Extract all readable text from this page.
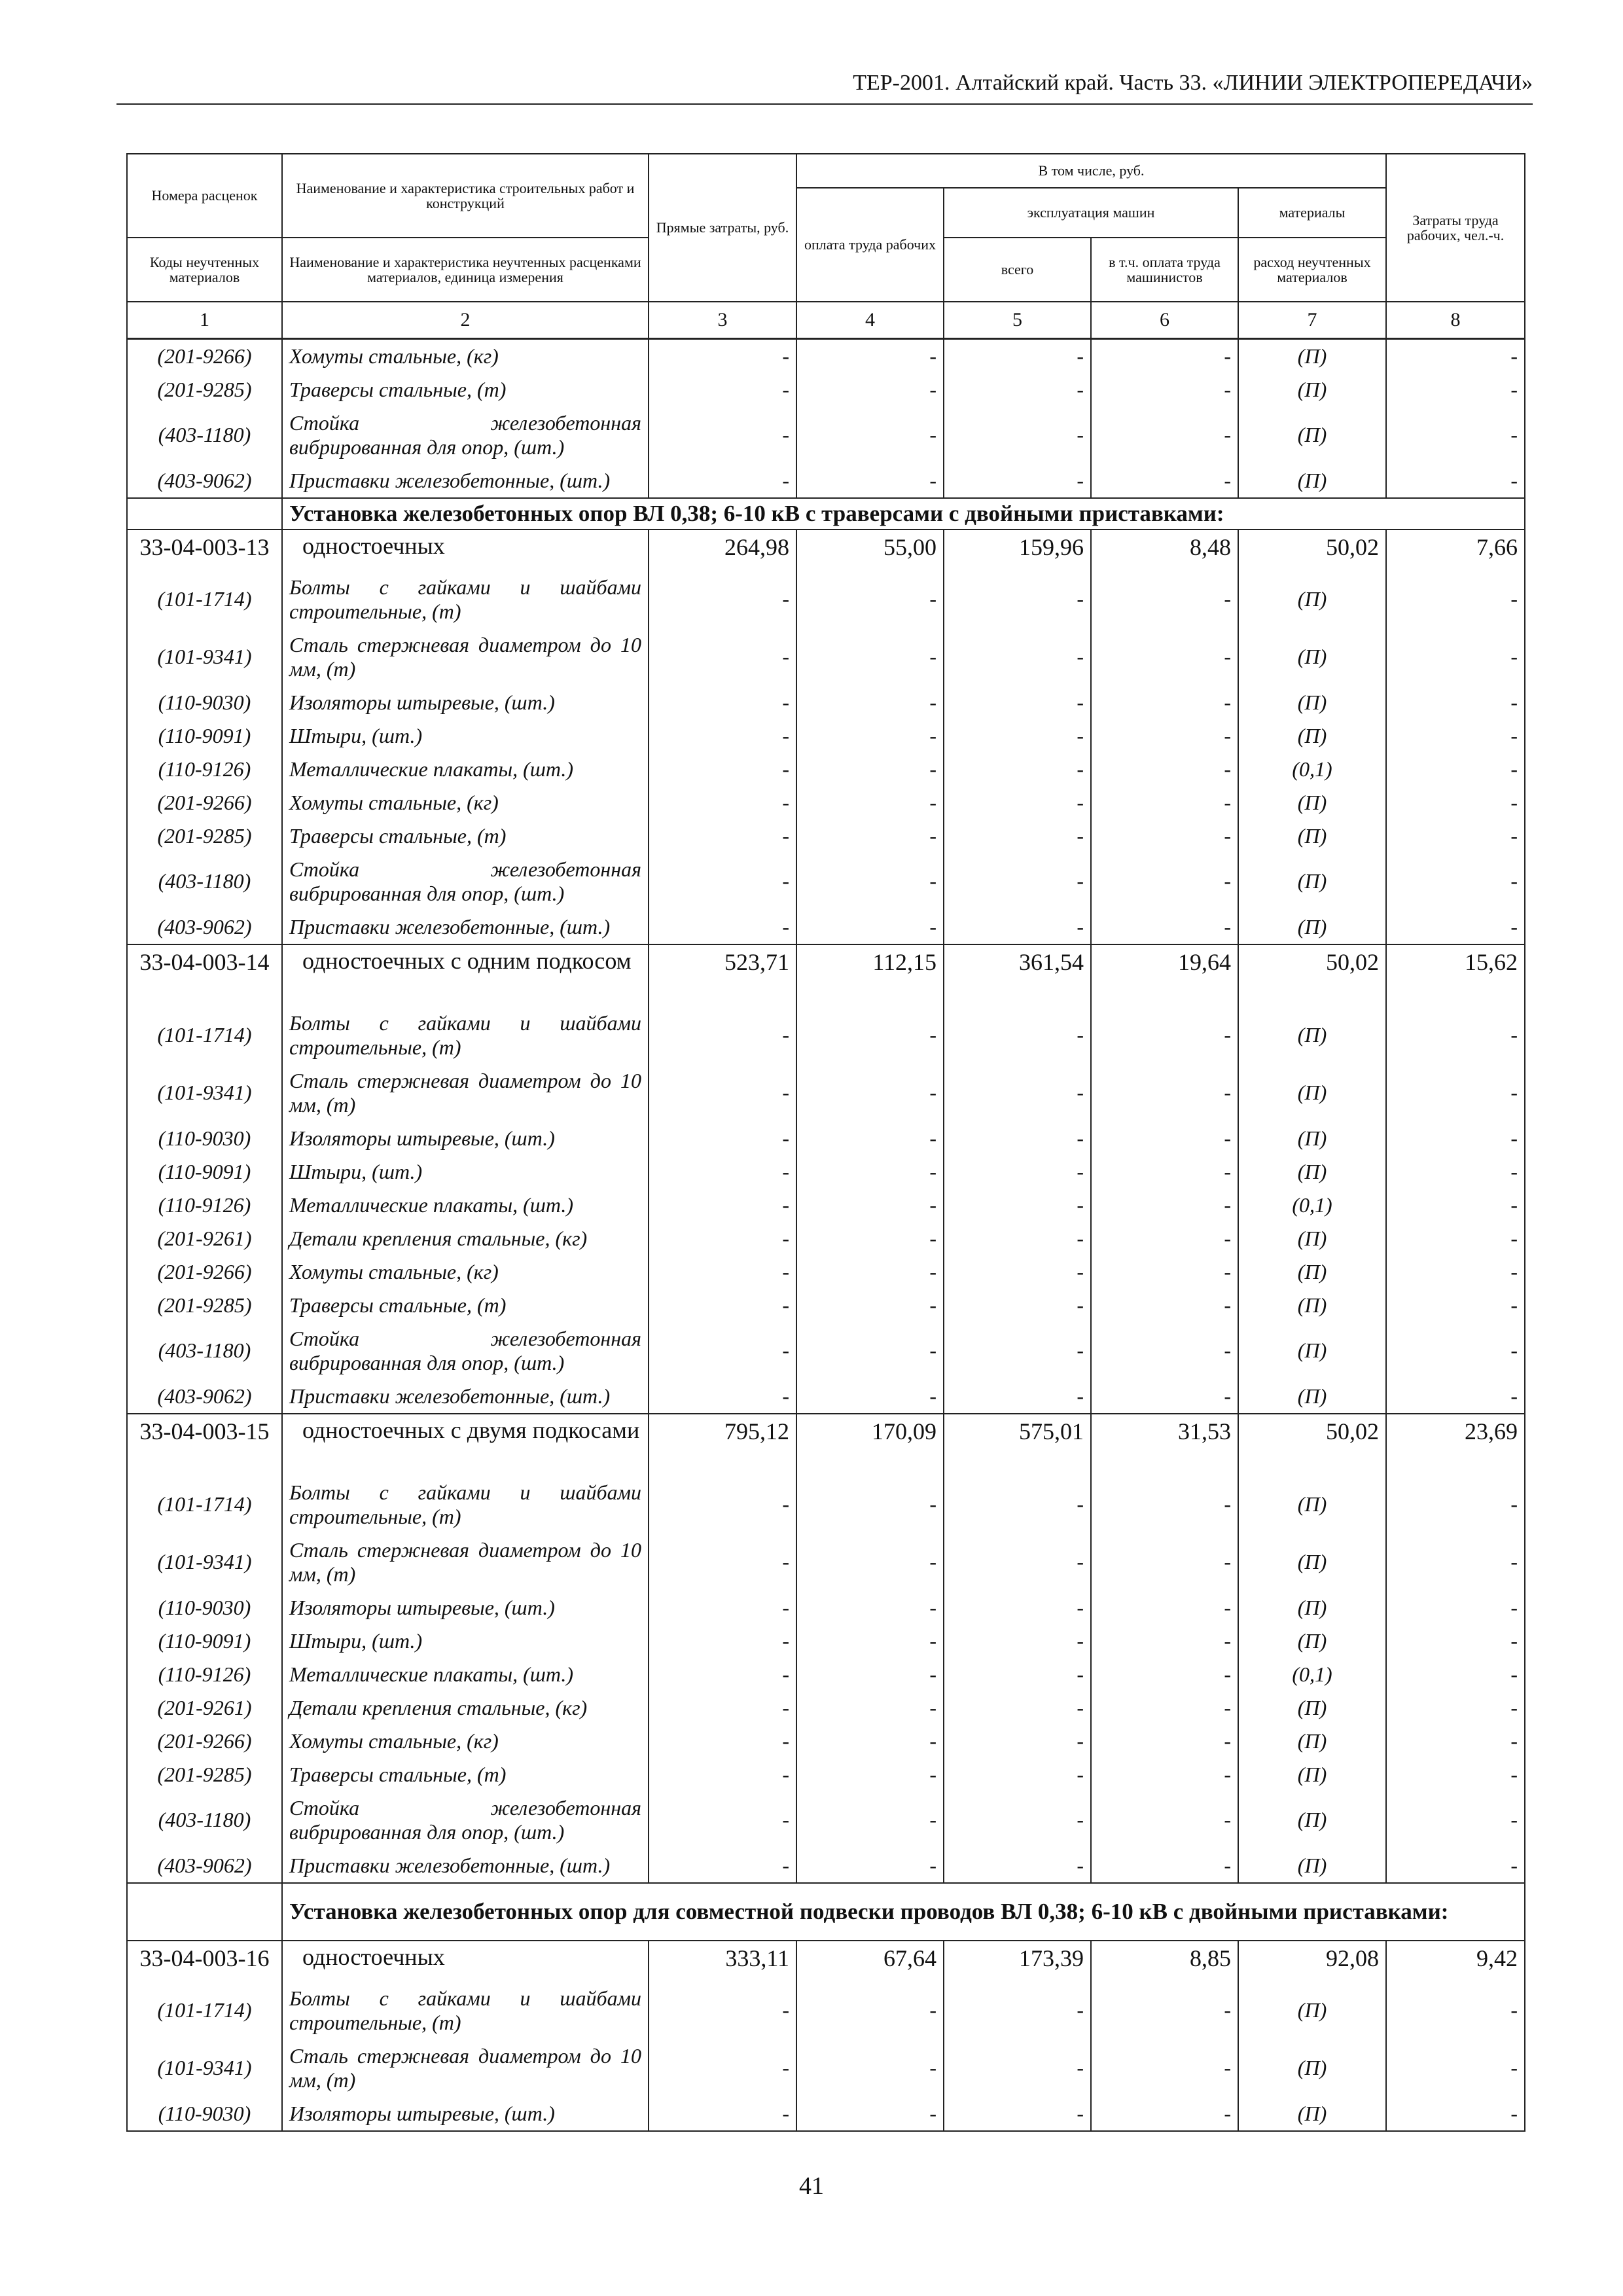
ТЕР-2001. Алтайский край. Часть 33. «ЛИНИИ ЭЛЕКТРОПЕРЕДАЧИ»
Номера расценок	Наименование и характеристика строительных работ и конструкций	Прямые затраты, руб.	В том числе, руб.				Затраты труда рабочих, чел.-ч.
			оплата труда рабочих	эксплуатация машин		материалы	
Коды неучтенных материалов	Наименование и характеристика неучтенных расценками материалов, единица измерения			всего	в т.ч. оплата труда машинистов	расход неучтенных материалов	
1	2	3	4	5	6	7	8
(201-9266)	Хомуты стальные, (кг)	-	-	-	-	(П)	-
(201-9285)	Траверсы стальные, (т)	-	-	-	-	(П)	-
(403-1180)	Стойка железобетонная вибрированная для опор, (шт.)	-	-	-	-	(П)	-
(403-9062)	Приставки железобетонные, (шт.)	-	-	-	-	(П)	-
	Установка железобетонных опор ВЛ 0,38; 6-10 кВ с траверсами с двойными приставками:						
33-04-003-13	одностоечных	264,98	55,00	159,96	8,48	50,02	7,66
(101-1714)	Болты с гайками и шайбами строительные, (т)	-	-	-	-	(П)	-
(101-9341)	Сталь стержневая диаметром до 10 мм, (т)	-	-	-	-	(П)	-
(110-9030)	Изоляторы штыревые, (шт.)	-	-	-	-	(П)	-
(110-9091)	Штыри, (шт.)	-	-	-	-	(П)	-
(110-9126)	Металлические плакаты, (шт.)	-	-	-	-	(0,1)	-
(201-9266)	Хомуты стальные, (кг)	-	-	-	-	(П)	-
(201-9285)	Траверсы стальные, (т)	-	-	-	-	(П)	-
(403-1180)	Стойка железобетонная вибрированная для опор, (шт.)	-	-	-	-	(П)	-
(403-9062)	Приставки железобетонные, (шт.)	-	-	-	-	(П)	-
33-04-003-14	одностоечных с одним подкосом	523,71	112,15	361,54	19,64	50,02	15,62
(101-1714)	Болты с гайками и шайбами строительные, (т)	-	-	-	-	(П)	-
(101-9341)	Сталь стержневая диаметром до 10 мм, (т)	-	-	-	-	(П)	-
(110-9030)	Изоляторы штыревые, (шт.)	-	-	-	-	(П)	-
(110-9091)	Штыри, (шт.)	-	-	-	-	(П)	-
(110-9126)	Металлические плакаты, (шт.)	-	-	-	-	(0,1)	-
(201-9261)	Детали крепления стальные, (кг)	-	-	-	-	(П)	-
(201-9266)	Хомуты стальные, (кг)	-	-	-	-	(П)	-
(201-9285)	Траверсы стальные, (т)	-	-	-	-	(П)	-
(403-1180)	Стойка железобетонная вибрированная для опор, (шт.)	-	-	-	-	(П)	-
(403-9062)	Приставки железобетонные, (шт.)	-	-	-	-	(П)	-
33-04-003-15	одностоечных с двумя подкосами	795,12	170,09	575,01	31,53	50,02	23,69
(101-1714)	Болты с гайками и шайбами строительные, (т)	-	-	-	-	(П)	-
(101-9341)	Сталь стержневая диаметром до 10 мм, (т)	-	-	-	-	(П)	-
(110-9030)	Изоляторы штыревые, (шт.)	-	-	-	-	(П)	-
(110-9091)	Штыри, (шт.)	-	-	-	-	(П)	-
(110-9126)	Металлические плакаты, (шт.)	-	-	-	-	(0,1)	-
(201-9261)	Детали крепления стальные, (кг)	-	-	-	-	(П)	-
(201-9266)	Хомуты стальные, (кг)	-	-	-	-	(П)	-
(201-9285)	Траверсы стальные, (т)	-	-	-	-	(П)	-
(403-1180)	Стойка железобетонная вибрированная для опор, (шт.)	-	-	-	-	(П)	-
(403-9062)	Приставки железобетонные, (шт.)	-	-	-	-	(П)	-
	Установка железобетонных опор для совместной подвески проводов ВЛ 0,38; 6-10 кВ с двойными приставками:						
33-04-003-16	одностоечных	333,11	67,64	173,39	8,85	92,08	9,42
(101-1714)	Болты с гайками и шайбами строительные, (т)	-	-	-	-	(П)	-
(101-9341)	Сталь стержневая диаметром до 10 мм, (т)	-	-	-	-	(П)	-
(110-9030)	Изоляторы штыревые, (шт.)	-	-	-	-	(П)	-
41
